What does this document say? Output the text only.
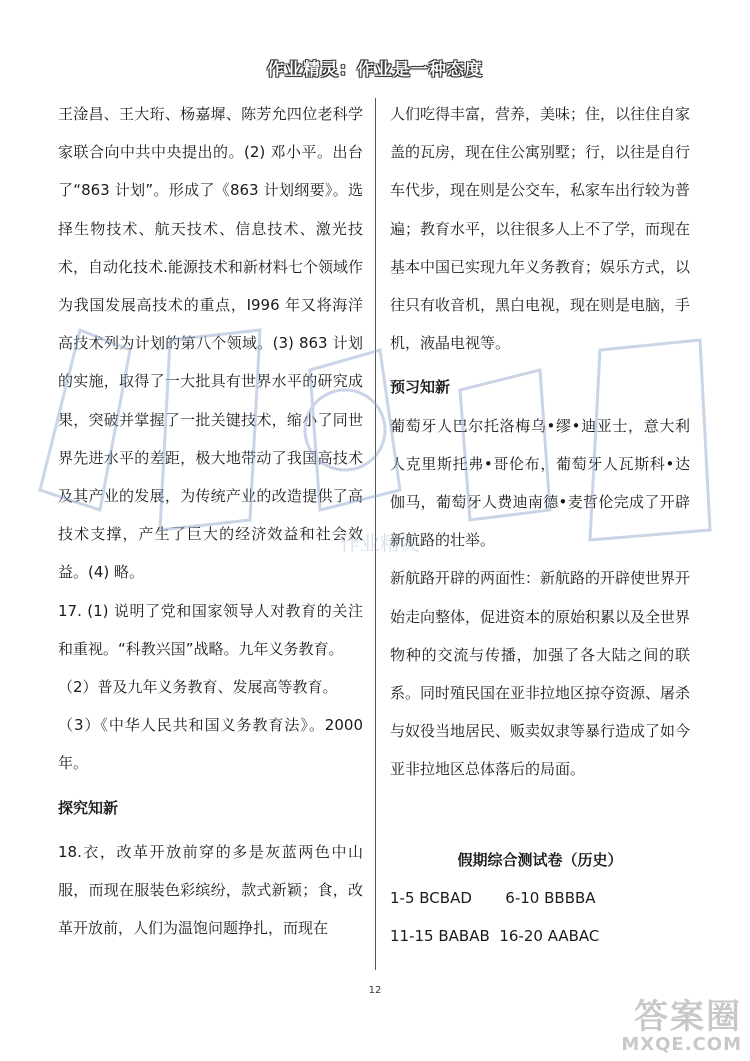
作业精灵：作业是一种态度

王淦昌、王大珩、杨嘉墀、陈芳允四位老科学家联合向中共中央提出的。(2) 邓小平。出台了“863 计划”。形成了《863 计划纲要》。选择生物技术、航天技术、信息技术、激光技术，自动化技术.能源技术和新材料七个领域作为我国发展高技术的重点，I996 年又将海洋高技术列为计划的第八个领域。(3) 863 计划的实施，取得了一大批具有世界水平的研究成果，突破并掌握了一批关键技术，缩小了同世界先进水平的差距，极大地带动了我国高技术及其产业的发展，为传统产业的改造提供了高技术支撑，产生了巨大的经济效益和社会效益。(4) 略。

17. (1) 说明了党和国家领导人对教育的关注和重视。“科教兴国”战略。九年义务教育。

（2）普及九年义务教育、发展高等教育。

（3）《中华人民共和国义务教育法》。2000年。

探究知新

18.衣，改革开放前穿的多是灰蓝两色中山服，而现在服装色彩缤纷，款式新颖；食，改革开放前，人们为温饱问题挣扎，而现在

人们吃得丰富，营养，美味；住，以往住自家盖的瓦房，现在住公寓别墅；行，以往是自行车代步，现在则是公交车，私家车出行较为普遍；教育水平，以往很多人上不了学，而现在基本中国已实现九年义务教育；娱乐方式，以往只有收音机，黑白电视，现在则是电脑，手机，液晶电视等。

预习知新

葡萄牙人巴尔托洛梅乌•缪•迪亚士，意大利人克里斯托弗•哥伦布，葡萄牙人瓦斯科•达伽马，葡萄牙人费迪南德•麦哲伦完成了开辟新航路的壮举。

新航路开辟的两面性：新航路的开辟使世界开始走向整体，促进资本的原始积累以及全世界物种的交流与传播，加强了各大陆之间的联系。同时殖民国在亚非拉地区掠夺资源、屠杀与奴役当地居民、贩卖奴隶等暴行造成了如今亚非拉地区总体落后的局面。

假期综合测试卷（历史）

1-5 BCBAD 6-10 BBBBA
11-15 BABAB 16-20 AABAC
作业精灵
12
答案圈
MXQE.COM
